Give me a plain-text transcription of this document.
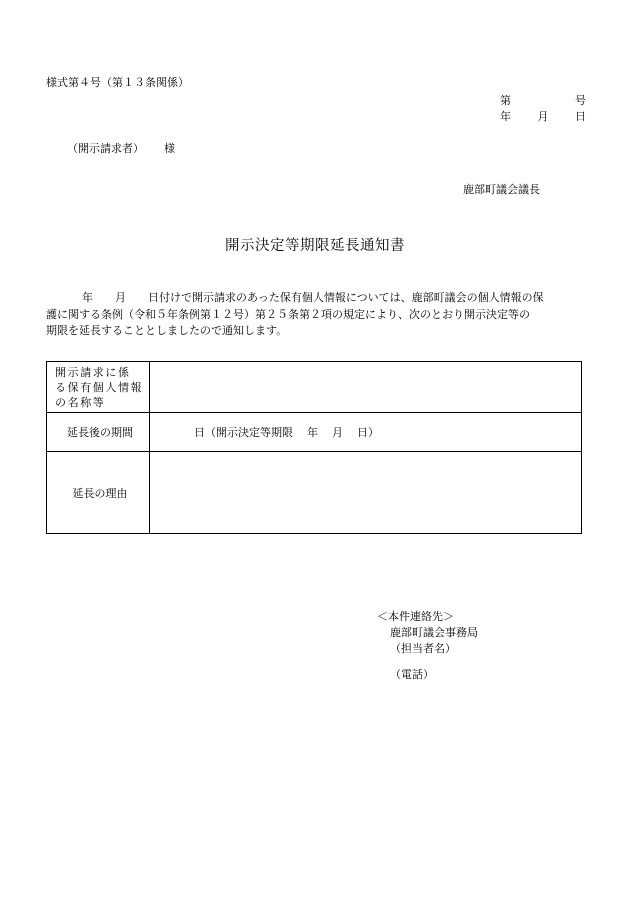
様式第４号（第１３条関係）
第	号
年 月 日
（開示請求者） 様
鹿部町議会議長
開示決定等期限延長通知書
年 月 日付けで開示請求のあった保有個人情報については、鹿部町議会の個人情報の保
護に関する条例（令和５年条例第１２号）第２５条第２項の規定により、次のとおり開示決定等の
期限を延長することとしましたので通知します。
開示請求に係
る保有個人情報
の名称等	

延長後の期間	日（開示決定等期限 年 月 日）
延長の理由	
＜本件連絡先＞
鹿部町議会事務局
（担当者名）
（電話）
